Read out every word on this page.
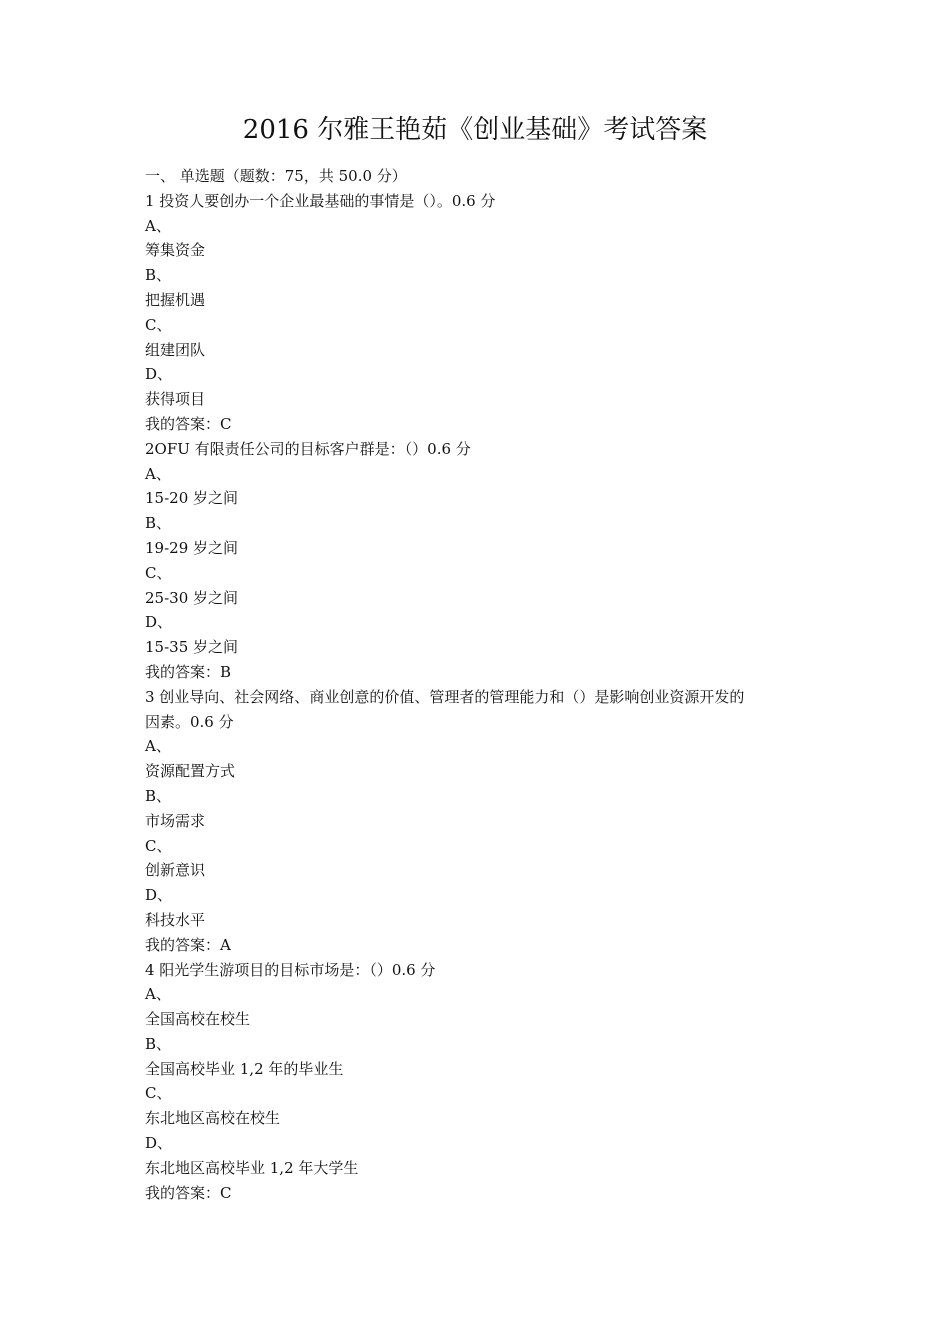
2016 尔雅王艳茹《创业基础》考试答案
一、 单选题（题数：75，共 50.0 分）
1 投资人要创办一个企业最基础的事情是（）。0.6 分
A、
筹集资金
B、
把握机遇
C、
组建团队
D、
获得项目
我的答案：C
2OFU 有限责任公司的目标客户群是：（）0.6 分
A、
15-20 岁之间
B、
19-29 岁之间
C、
25-30 岁之间
D、
15-35 岁之间
我的答案：B
3 创业导向、社会网络、商业创意的价值、管理者的管理能力和（）是影响创业资源开发的
因素。0.6 分
A、
资源配置方式
B、
市场需求
C、
创新意识
D、
科技水平
我的答案：A
4 阳光学生游项目的目标市场是：（）0.6 分
A、
全国高校在校生
B、
全国高校毕业 1,2 年的毕业生
C、
东北地区高校在校生
D、
东北地区高校毕业 1,2 年大学生
我的答案：C
